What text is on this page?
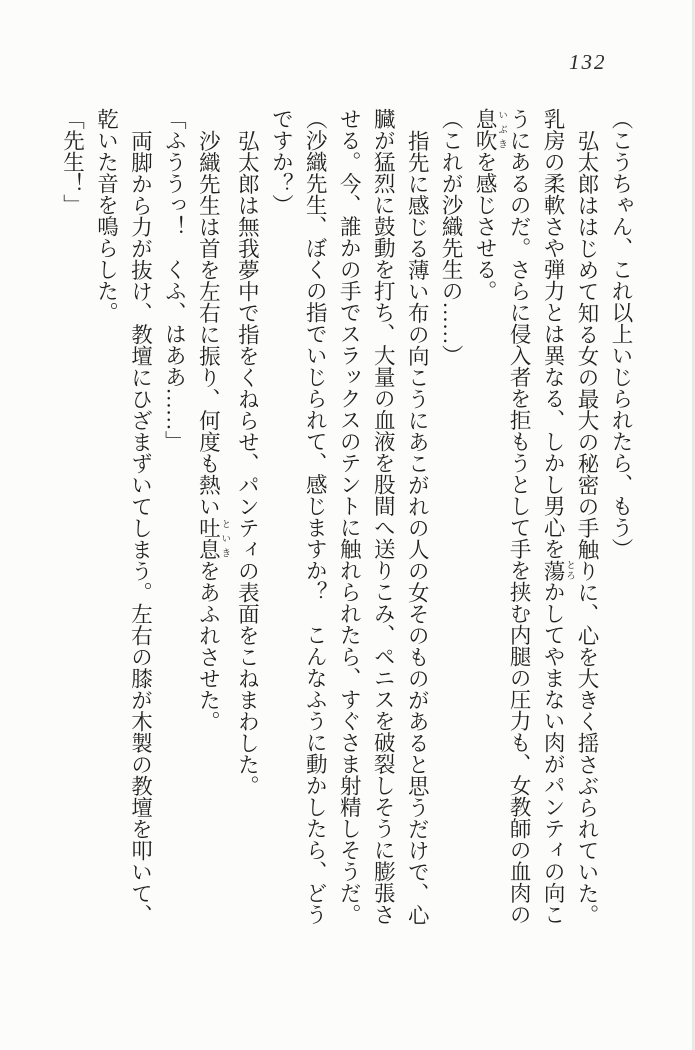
132

（こうちゃん、これ以上いじられたら、もう）

弘太郎ははじめて知る女の最大の秘密の手触りに、心を大きく揺さぶられていた。乳房の柔軟さや弾力とは異なる、しかし男心を蕩 とろかしてやまない肉がパンティの向こうにあるのだ。さらに侵入者を拒もうとして手を挟む内腿の圧力も、女教師の血肉の息吹 いぶきを感じさせる。

（これが沙織先生の……）

指先に感じる薄い布の向こうにあこがれの人の女そのものがあると思うだけで、心臓が猛烈に鼓動を打ち、大量の血液を股間へ送りこみ、ペニスを破裂しそうに膨張させる。今、誰かの手でスラックスのテントに触れられたら、すぐさま射精しそうだ。

（沙織先生、ぼくの指でいじられて、感じますか？　こんなふうに動かしたら、どうですか？）

弘太郎は無我夢中で指をくねらせ、パンティの表面をこねまわした。

沙織先生は首を左右に振り、何度も熱い吐息 といきをあふれさせた。

「ふううっ！　くふ、はああ……」

両脚から力が抜け、教壇にひざまずいてしまう。左右の膝が木製の教壇を叩いて、乾いた音を鳴らした。

「先生！」
